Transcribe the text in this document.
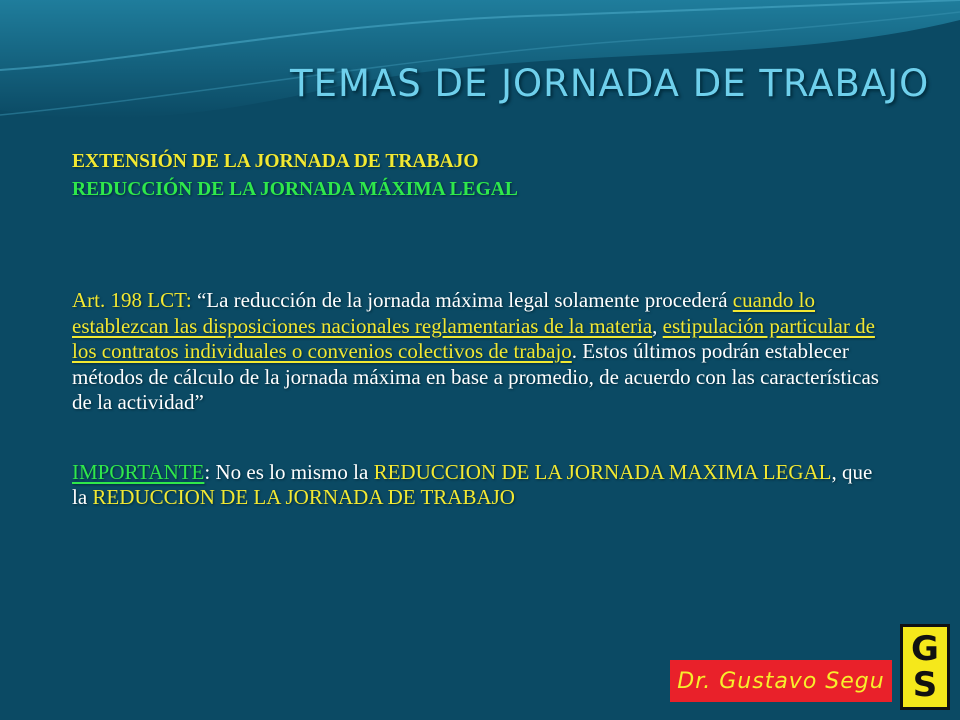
TEMAS DE JORNADA DE TRABAJO

EXTENSIÓN DE LA JORNADA DE TRABAJO

REDUCCIÓN DE LA JORNADA MÁXIMA LEGAL

Art. 198 LCT: “La reducción de la jornada máxima legal solamente procederá cuando lo establezcan las disposiciones nacionales reglamentarias de la materia, estipulación particular de los contratos individuales o convenios colectivos de trabajo. Estos últimos podrán establecer métodos de cálculo de la jornada máxima en base a promedio, de acuerdo con las características de la actividad”

IMPORTANTE: No es lo mismo la REDUCCION DE LA JORNADA MAXIMA LEGAL, que la REDUCCION DE LA JORNADA DE TRABAJO

Dr. Gustavo Segu
G
S
